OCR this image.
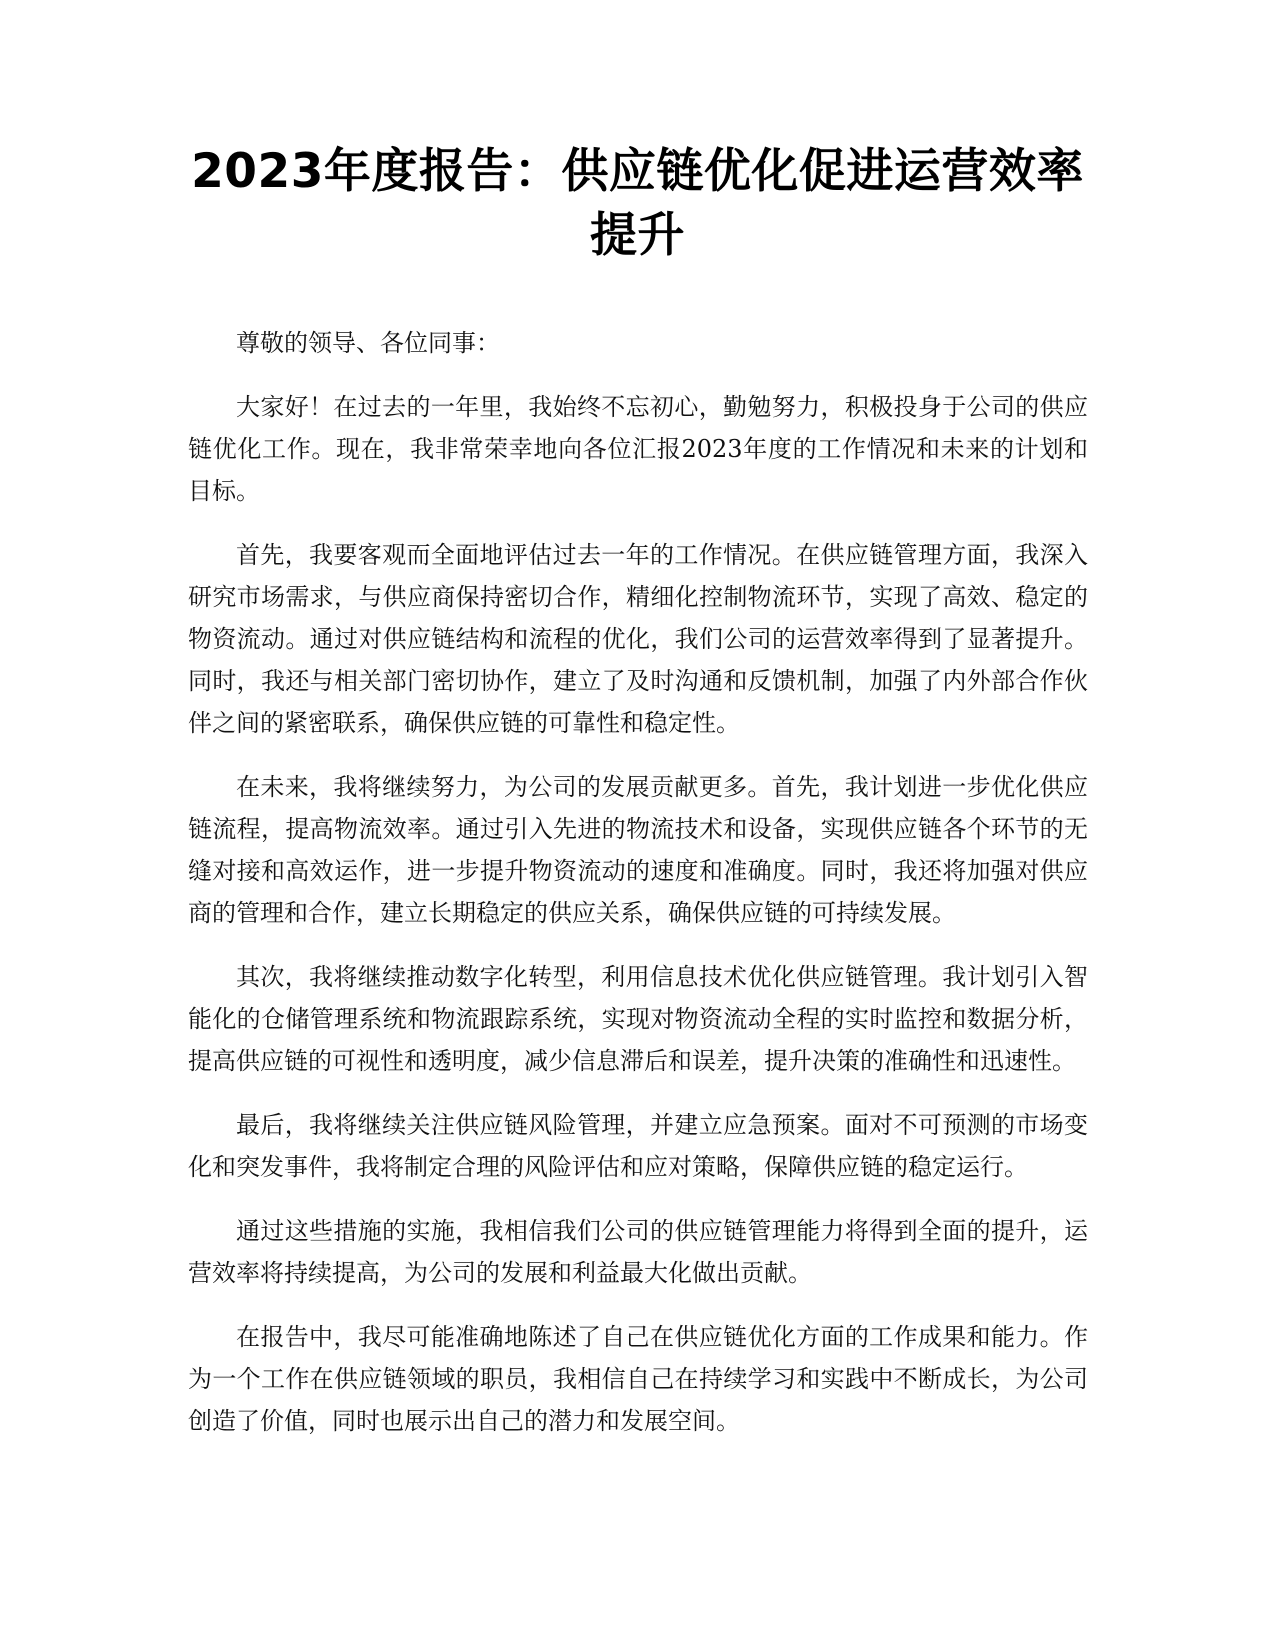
2023年度报告：供应链优化促进运营效率提升

尊敬的领导、各位同事：

大家好！在过去的一年里，我始终不忘初心，勤勉努力，积极投身于公司的供应链优化工作。现在，我非常荣幸地向各位汇报2023年度的工作情况和未来的计划和目标。

首先，我要客观而全面地评估过去一年的工作情况。在供应链管理方面，我深入研究市场需求，与供应商保持密切合作，精细化控制物流环节，实现了高效、稳定的物资流动。通过对供应链结构和流程的优化，我们公司的运营效率得到了显著提升。同时，我还与相关部门密切协作，建立了及时沟通和反馈机制，加强了内外部合作伙伴之间的紧密联系，确保供应链的可靠性和稳定性。

在未来，我将继续努力，为公司的发展贡献更多。首先，我计划进一步优化供应链流程，提高物流效率。通过引入先进的物流技术和设备，实现供应链各个环节的无缝对接和高效运作，进一步提升物资流动的速度和准确度。同时，我还将加强对供应商的管理和合作，建立长期稳定的供应关系，确保供应链的可持续发展。

其次，我将继续推动数字化转型，利用信息技术优化供应链管理。我计划引入智能化的仓储管理系统和物流跟踪系统，实现对物资流动全程的实时监控和数据分析，提高供应链的可视性和透明度，减少信息滞后和误差，提升决策的准确性和迅速性。

最后，我将继续关注供应链风险管理，并建立应急预案。面对不可预测的市场变化和突发事件，我将制定合理的风险评估和应对策略，保障供应链的稳定运行。

通过这些措施的实施，我相信我们公司的供应链管理能力将得到全面的提升，运营效率将持续提高，为公司的发展和利益最大化做出贡献。

在报告中，我尽可能准确地陈述了自己在供应链优化方面的工作成果和能力。作为一个工作在供应链领域的职员，我相信自己在持续学习和实践中不断成长，为公司创造了价值，同时也展示出自己的潜力和发展空间。
